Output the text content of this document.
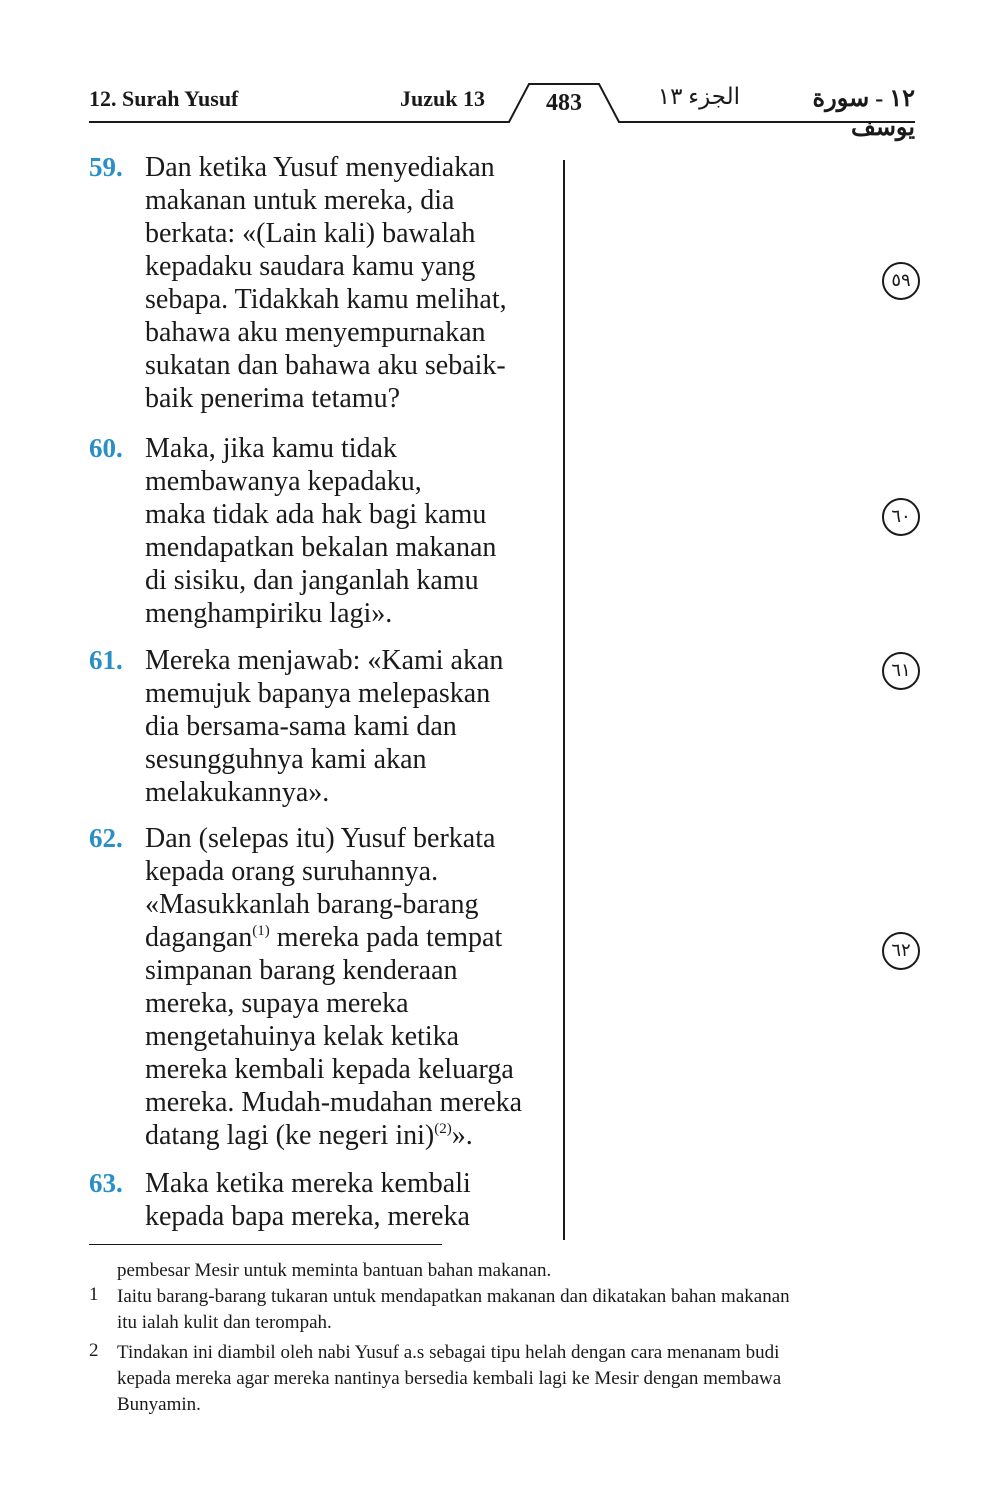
12. Surah Yusuf	Juzuk 13	483	الجزء ١٣	١٢ - سورة يوسف
59. Dan ketika Yusuf menyediakan

makanan untuk mereka, dia

berkata: «(Lain kali) bawalah

kepadaku saudara kamu yang

sebapa. Tidakkah kamu melihat,

bahawa aku menyempurnakan

sukatan dan bahawa aku sebaik-

baik penerima tetamu?

٥٩
60. Maka, jika kamu tidak

membawanya kepadaku,

maka tidak ada hak bagi kamu

mendapatkan bekalan makanan

di sisiku, dan janganlah kamu

menghampiriku lagi».

٦٠
61. Mereka menjawab: «Kami akan

memujuk bapanya melepaskan

dia bersama-sama kami dan

sesungguhnya kami akan

melakukannya».

٦١
62. Dan (selepas itu) Yusuf berkata

kepada orang suruhannya.

«Masukkanlah barang-barang

dagangan$^{(1)}$ mereka pada tempat

simpanan barang kenderaan

mereka, supaya mereka

mengetahuinya kelak ketika

mereka kembali kepada keluarga

mereka. Mudah-mudahan mereka

datang lagi (ke negeri ini)$^{(2)}$».

٦٢
63. Maka ketika mereka kembali

kepada bapa mereka, mereka

pembesar Mesir untuk meminta bantuan bahan makanan.
1 Iaitu barang-barang tukaran untuk mendapatkan makanan dan dikatakan bahan makanan

itu ialah kulit dan terompah.

2 Tindakan ini diambil oleh nabi Yusuf a.s sebagai tipu helah dengan cara menanam budi

kepada mereka agar mereka nantinya bersedia kembali lagi ke Mesir dengan membawa

Bunyamin.
